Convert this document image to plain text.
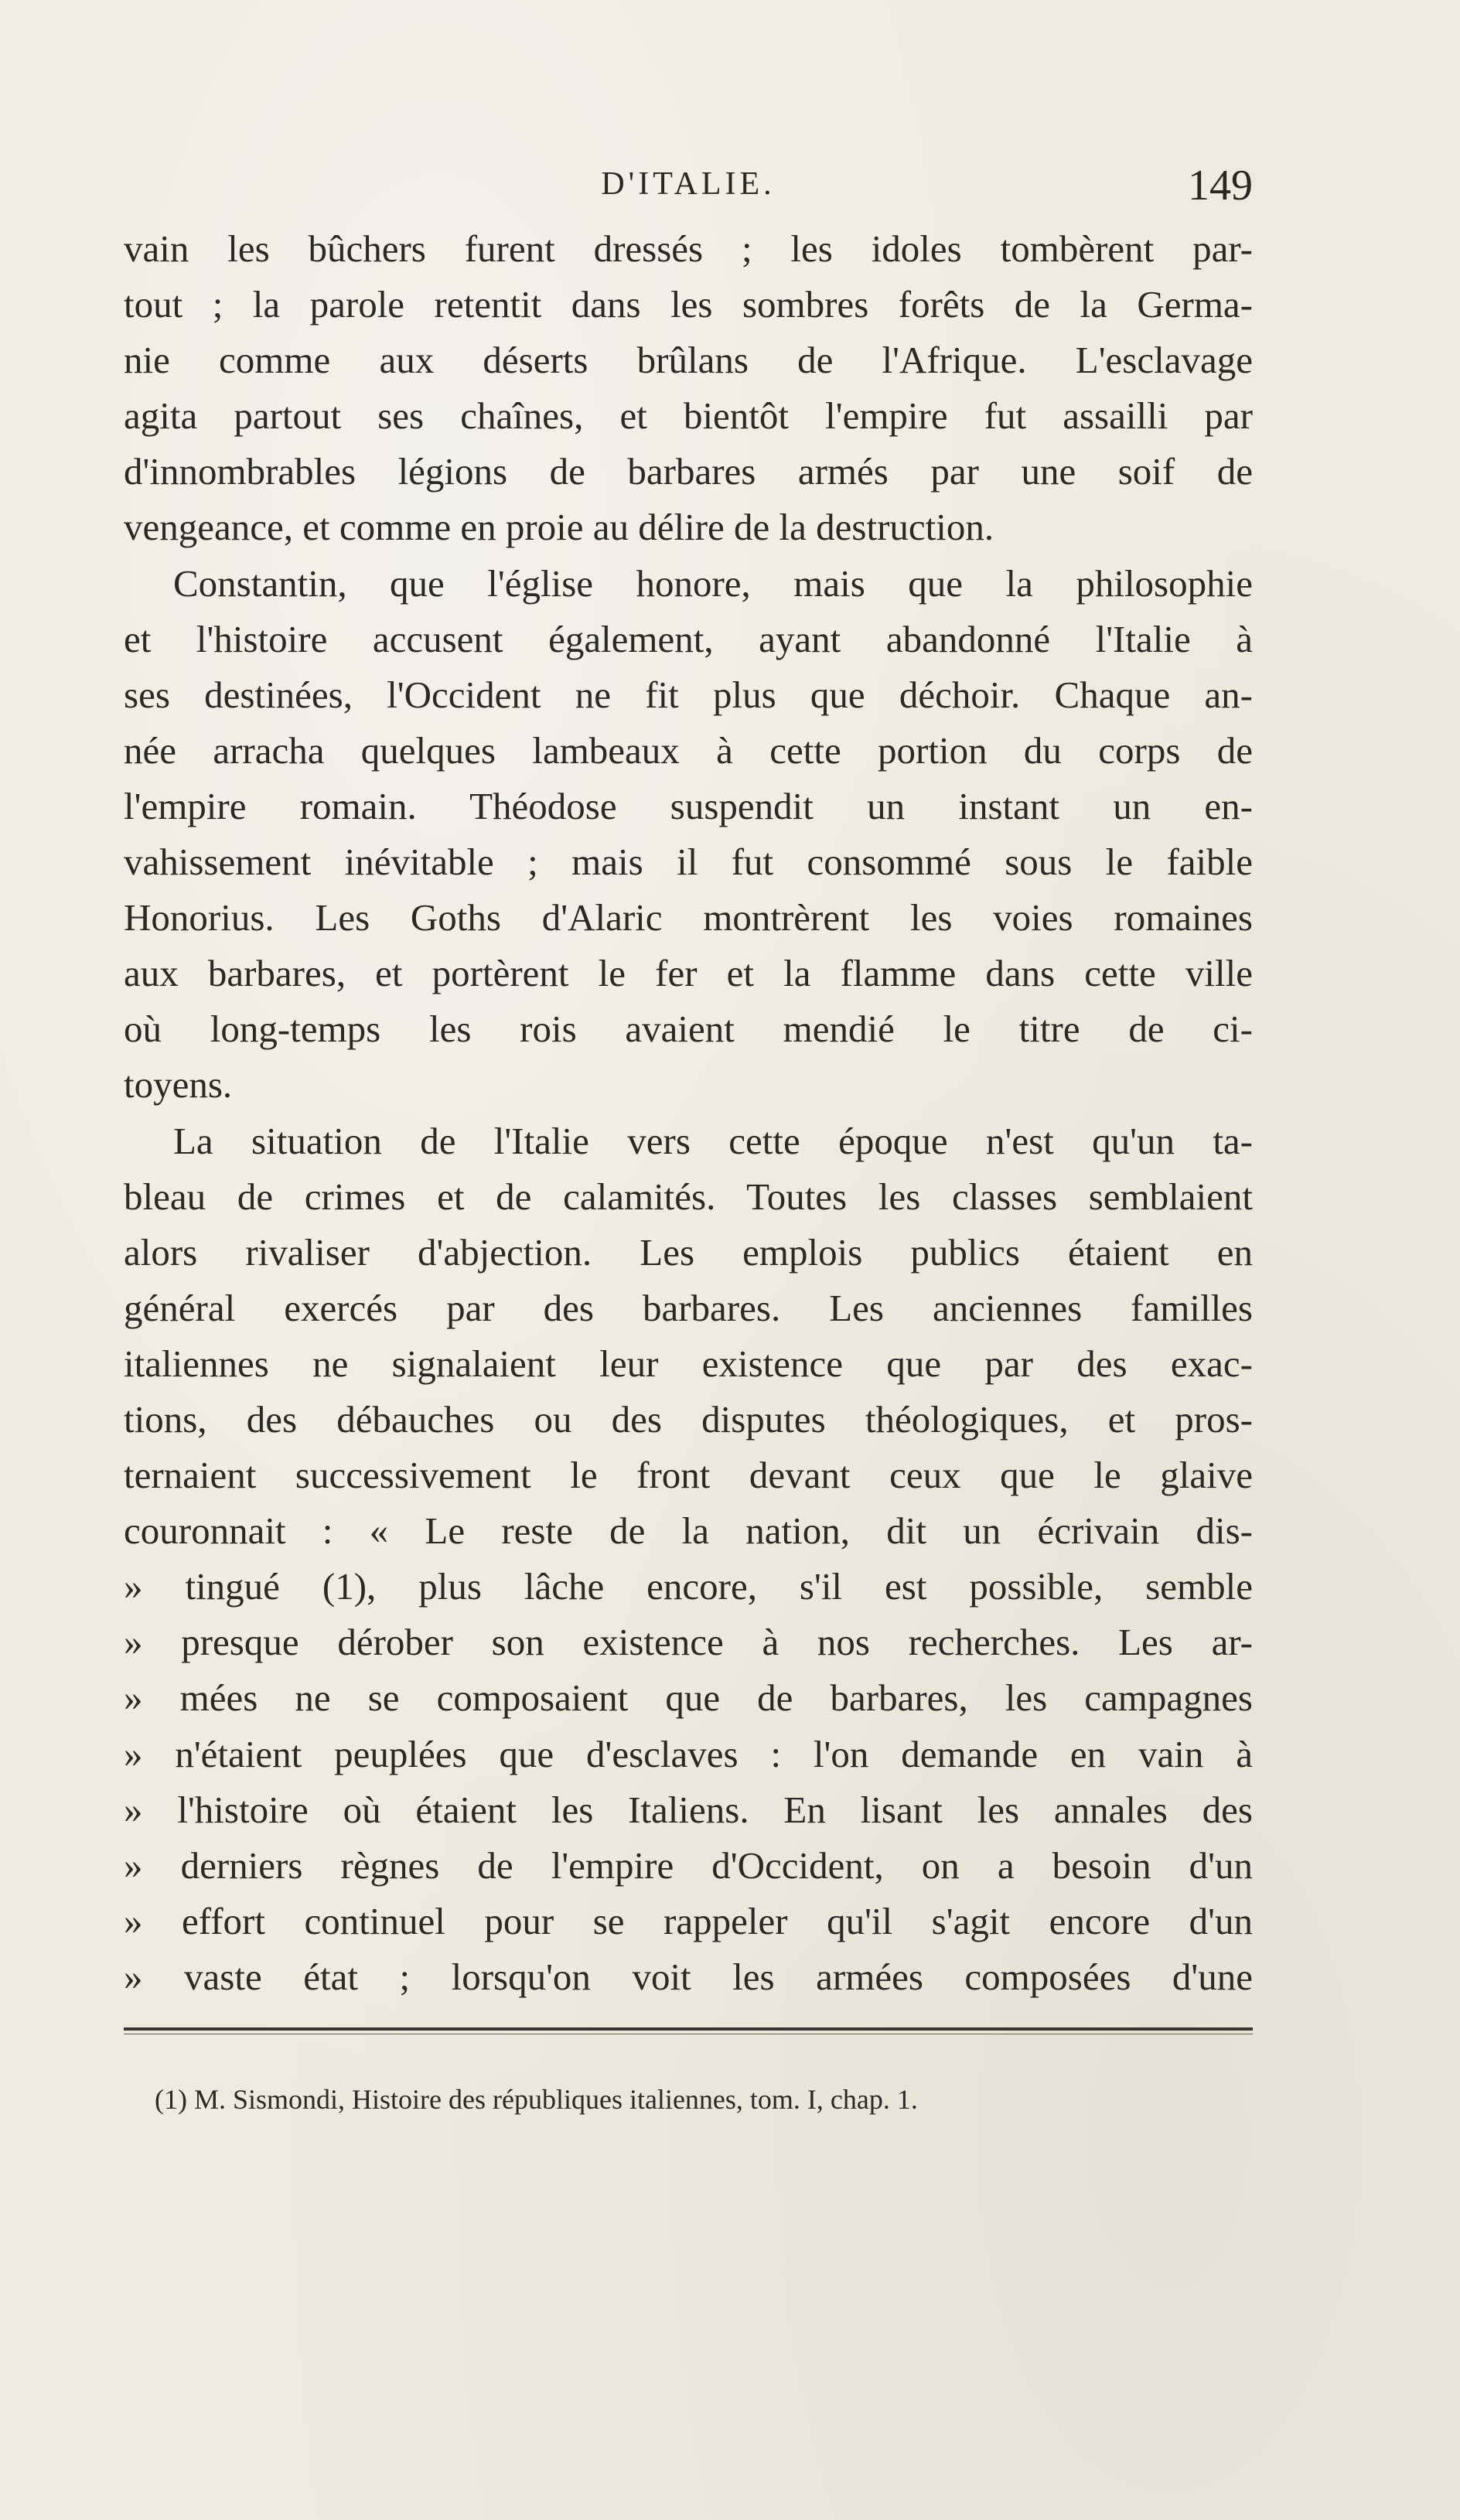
D'ITALIE.	149
vain les bûchers furent dressés ; les idoles tombèrent par-
tout ; la parole retentit dans les sombres forêts de la Germa-
nie comme aux déserts brûlans de l'Afrique. L'esclavage
agita partout ses chaînes, et bientôt l'empire fut assailli par
d'innombrables légions de barbares armés par une soif de
vengeance, et comme en proie au délire de la destruction.
Constantin, que l'église honore, mais que la philosophie
et l'histoire accusent également, ayant abandonné l'Italie à
ses destinées, l'Occident ne fit plus que déchoir. Chaque an-
née arracha quelques lambeaux à cette portion du corps de
l'empire romain. Théodose suspendit un instant un en-
vahissement inévitable ; mais il fut consommé sous le faible
Honorius. Les Goths d'Alaric montrèrent les voies romaines
aux barbares, et portèrent le fer et la flamme dans cette ville
où long-temps les rois avaient mendié le titre de ci-
toyens.
La situation de l'Italie vers cette époque n'est qu'un ta-
bleau de crimes et de calamités. Toutes les classes semblaient
alors rivaliser d'abjection. Les emplois publics étaient en
général exercés par des barbares. Les anciennes familles
italiennes ne signalaient leur existence que par des exac-
tions, des débauches ou des disputes théologiques, et pros-
ternaient successivement le front devant ceux que le glaive
couronnait : « Le reste de la nation, dit un écrivain dis-
» tingué (1), plus lâche encore, s'il est possible, semble
» presque dérober son existence à nos recherches. Les ar-
» mées ne se composaient que de barbares, les campagnes
» n'étaient peuplées que d'esclaves : l'on demande en vain à
» l'histoire où étaient les Italiens. En lisant les annales des
» derniers règnes de l'empire d'Occident, on a besoin d'un
» effort continuel pour se rappeler qu'il s'agit encore d'un
» vaste état ; lorsqu'on voit les armées composées d'une
(1) M. Sismondi, Histoire des républiques italiennes, tom. I, chap. 1.
